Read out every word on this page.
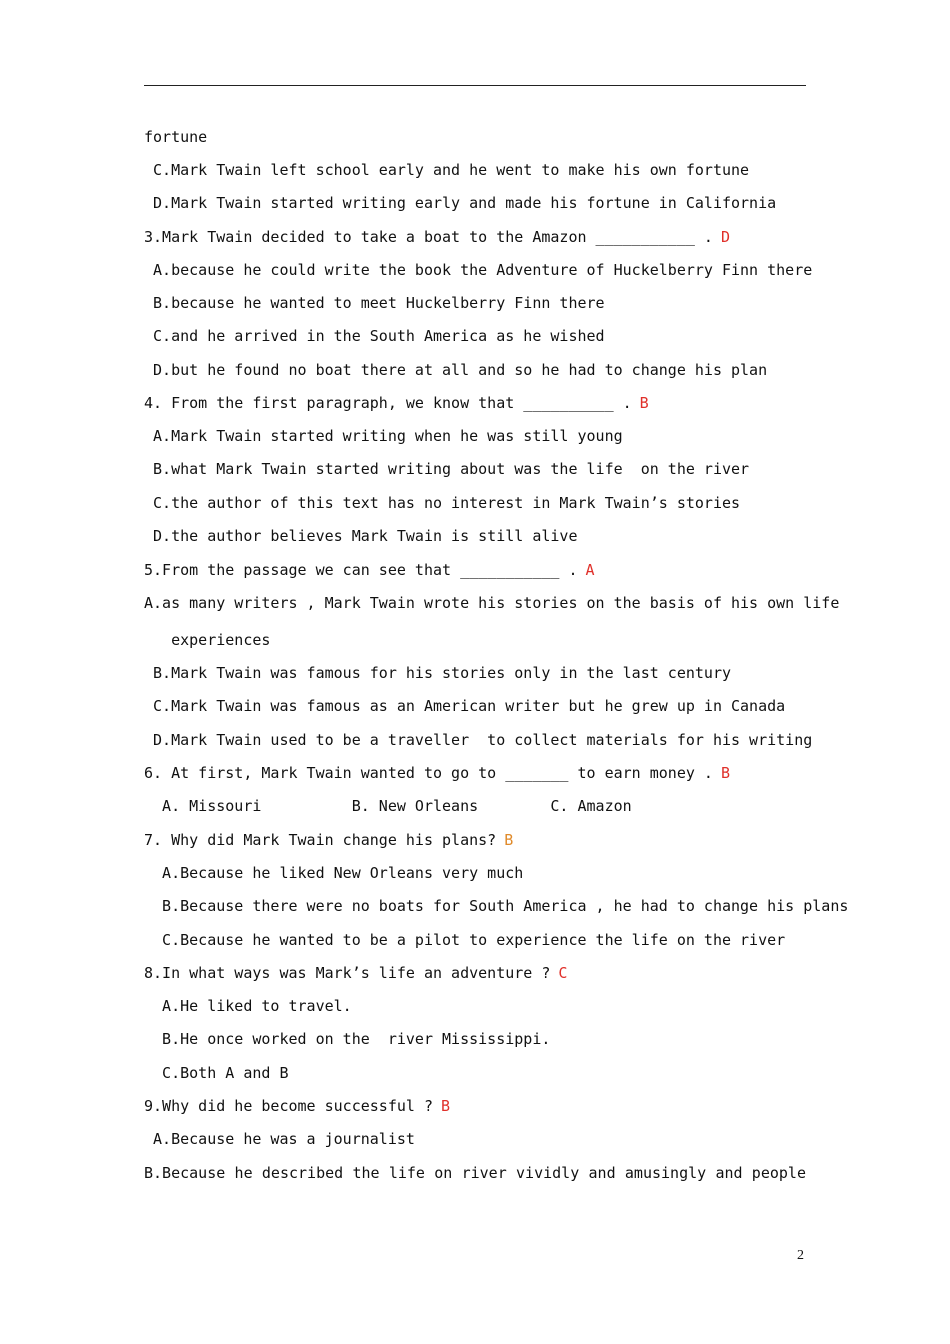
fortune
C.Mark Twain left school early and he went to make his own fortune
D.Mark Twain started writing early and made his fortune in California
3.Mark Twain decided to take a boat to the Amazon ___________ . D
A.because he could write the book the Adventure of Huckelberry Finn there
B.because he wanted to meet Huckelberry Finn there
C.and he arrived in the South America as he wished
D.but he found no boat there at all and so he had to change his plan
4. From the first paragraph, we know that __________ . B
A.Mark Twain started writing when he was still young
B.what Mark Twain started writing about was the life  on the river
C.the author of this text has no interest in Mark Twain’s stories
D.the author believes Mark Twain is still alive
5.From the passage we can see that ___________ . A
A.as many writers , Mark Twain wrote his stories on the basis of his own life
experiences
B.Mark Twain was famous for his stories only in the last century
C.Mark Twain was famous as an American writer but he grew up in Canada
D.Mark Twain used to be a traveller  to collect materials for his writing
6. At first, Mark Twain wanted to go to _______ to earn money . B
A. Missouri          B. New Orleans        C. Amazon
7. Why did Mark Twain change his plans? B
A.Because he liked New Orleans very much
B.Because there were no boats for South America , he had to change his plans
C.Because he wanted to be a pilot to experience the life on the river
8.In what ways was Mark’s life an adventure ? C
A.He liked to travel.
B.He once worked on the  river Mississippi.
C.Both A and B
9.Why did he become successful ? B
A.Because he was a journalist
B.Because he described the life on river vividly and amusingly and people
2
